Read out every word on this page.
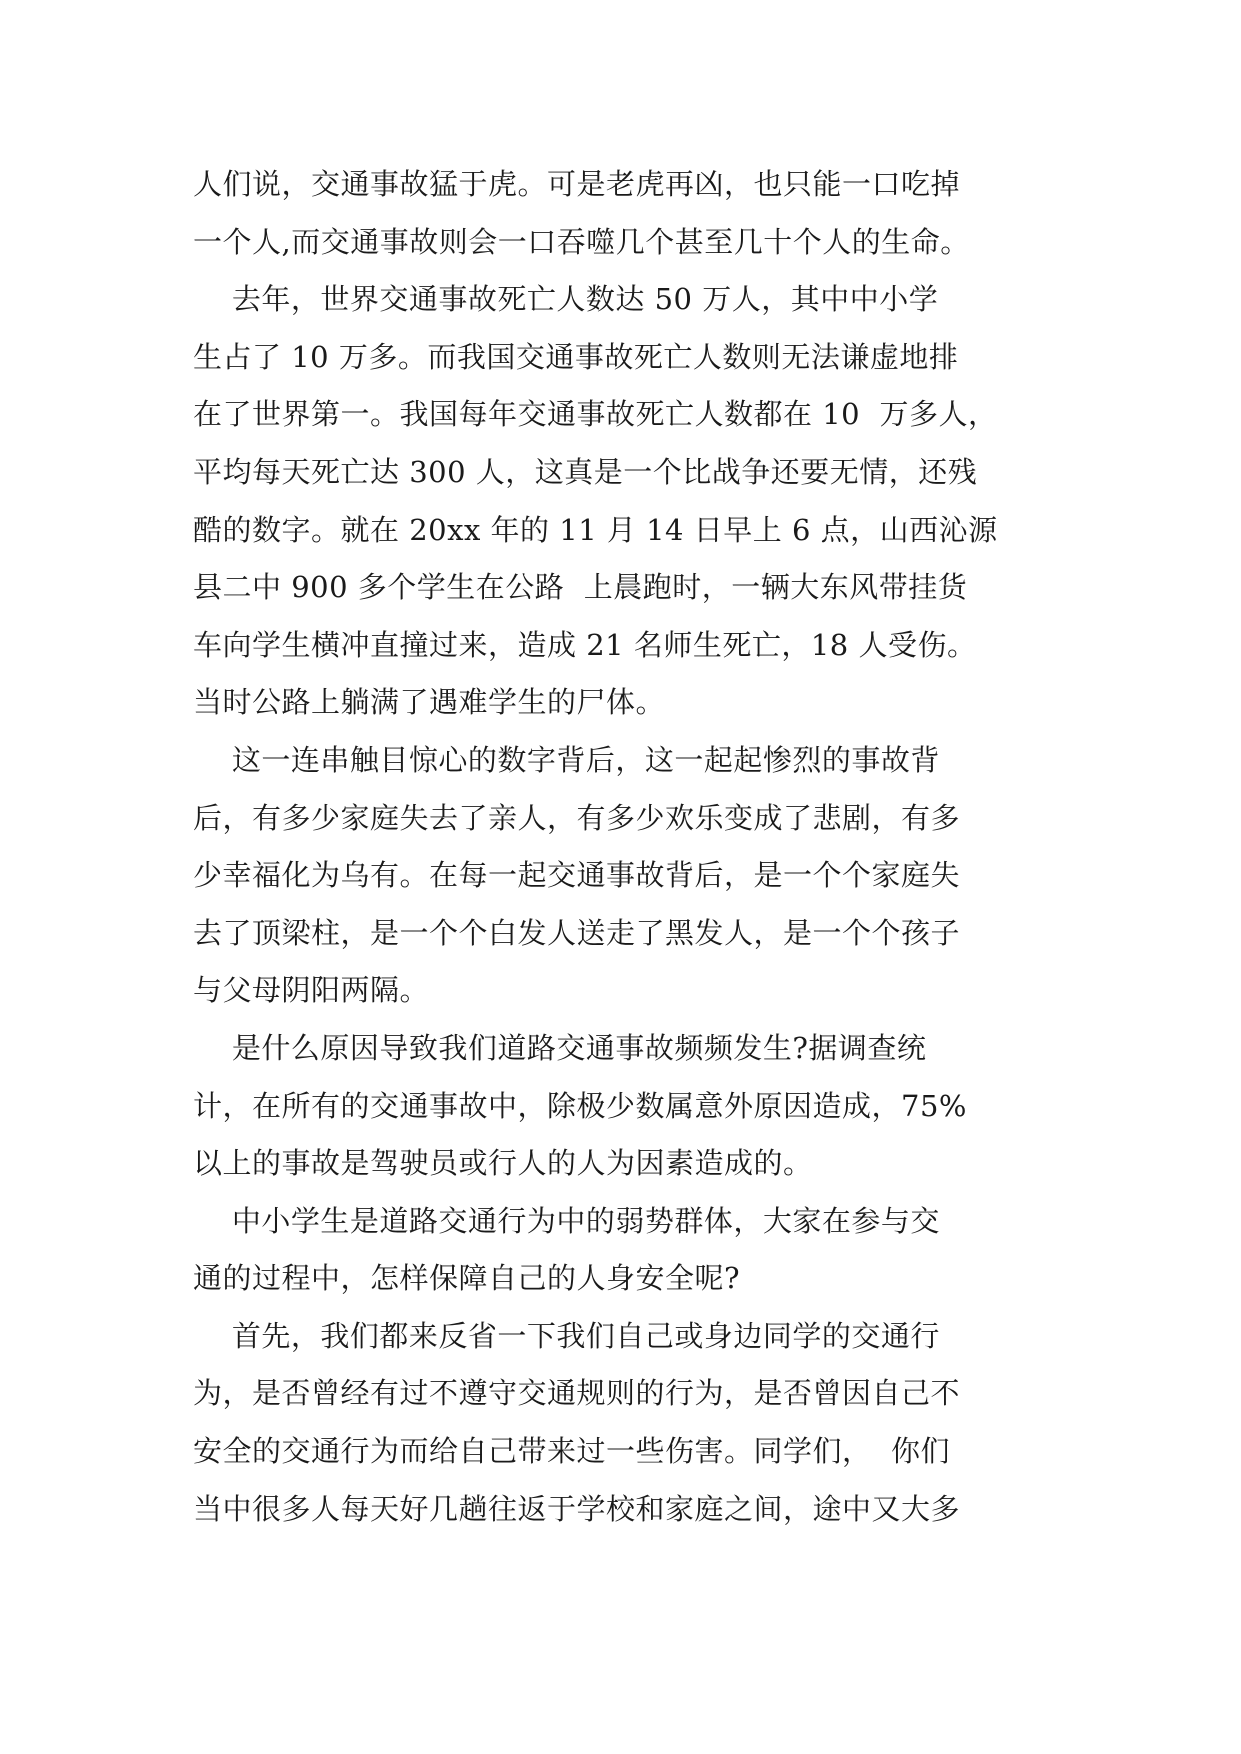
人们说，交通事故猛于虎。可是老虎再凶，也只能一口吃掉
一个人,而交通事故则会一口吞噬几个甚至几十个人的生命。
去年，世界交通事故死亡人数达 50 万人，其中中小学
生占了 10 万多。而我国交通事故死亡人数则无法谦虚地排
在了世界第一。我国每年交通事故死亡人数都在 10  万多人，
平均每天死亡达 300 人，这真是一个比战争还要无情，还残
酷的数字。就在 20xx 年的 11 月 14 日早上 6 点，山西沁源
县二中 900 多个学生在公路  上晨跑时，一辆大东风带挂货
车向学生横冲直撞过来，造成 21 名师生死亡，18 人受伤。
当时公路上躺满了遇难学生的尸体。
这一连串触目惊心的数字背后，这一起起惨烈的事故背
后，有多少家庭失去了亲人，有多少欢乐变成了悲剧，有多
少幸福化为乌有。在每一起交通事故背后，是一个个家庭失
去了顶梁柱，是一个个白发人送走了黑发人，是一个个孩子
与父母阴阳两隔。
是什么原因导致我们道路交通事故频频发生?据调查统
计，在所有的交通事故中，除极少数属意外原因造成，75%
以上的事故是驾驶员或行人的人为因素造成的。
中小学生是道路交通行为中的弱势群体，大家在参与交
通的过程中，怎样保障自己的人身安全呢?
首先，我们都来反省一下我们自己或身边同学的交通行
为，是否曾经有过不遵守交通规则的行为，是否曾因自己不
安全的交通行为而给自己带来过一些伤害。同学们，  你们
当中很多人每天好几趟往返于学校和家庭之间，途中又大多
